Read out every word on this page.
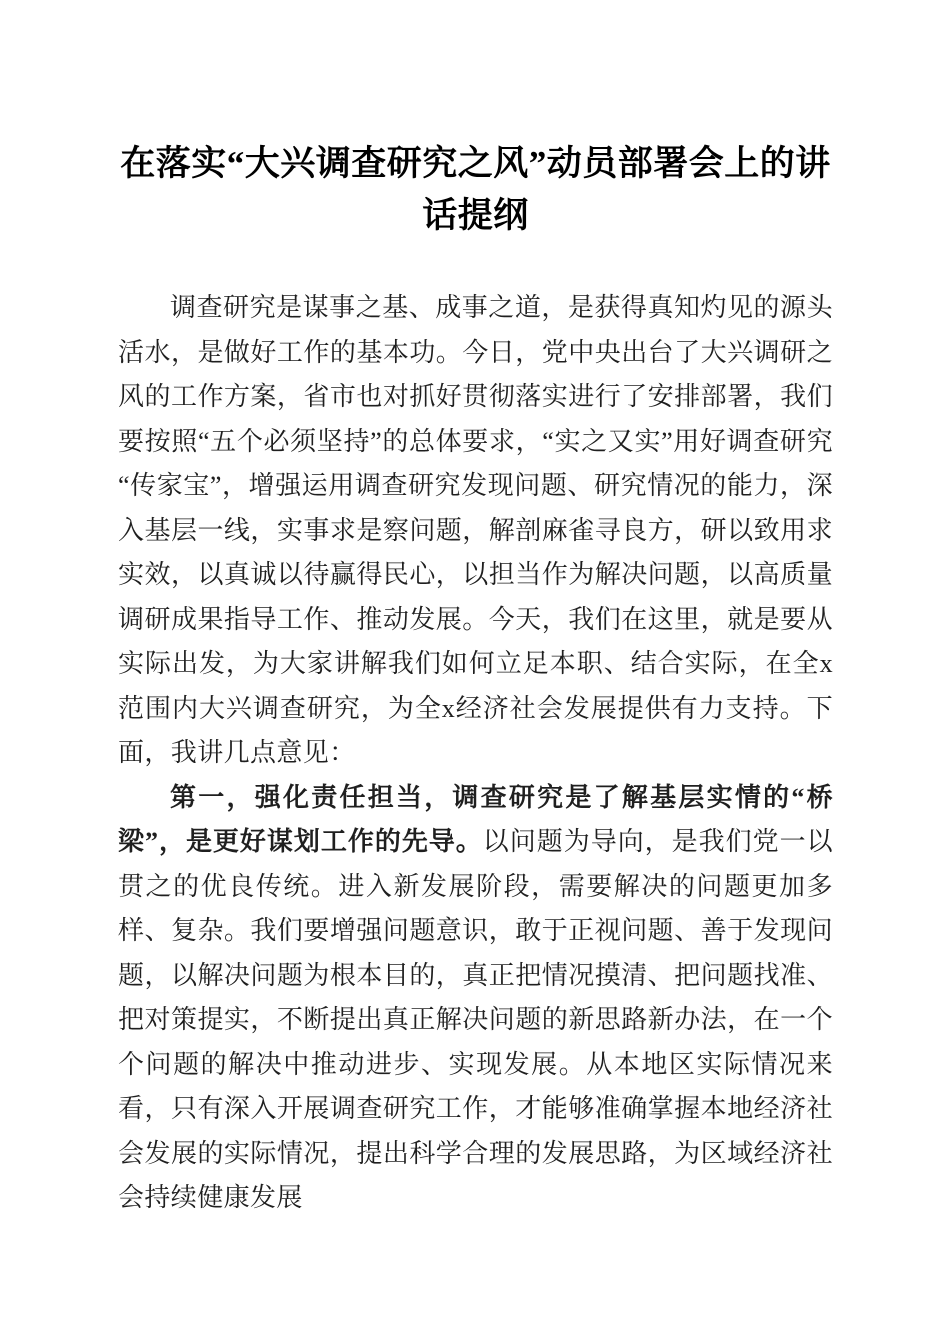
在落实“大兴调查研究之风”动员部署会上的讲话提纲

调查研究是谋事之基、成事之道，是获得真知灼见的源头活水，是做好工作的基本功。今日，党中央出台了大兴调研之风的工作方案，省市也对抓好贯彻落实进行了安排部署，我们要按照“五个必须坚持”的总体要求，“实之又实”用好调查研究“传家宝”，增强运用调查研究发现问题、研究情况的能力，深入基层一线，实事求是察问题，解剖麻雀寻良方，研以致用求实效，以真诚以待赢得民心，以担当作为解决问题，以高质量调研成果指导工作、推动发展。今天，我们在这里，就是要从实际出发，为大家讲解我们如何立足本职、结合实际，在全x范围内大兴调查研究，为全x经济社会发展提供有力支持。下面，我讲几点意见：

第一，强化责任担当，调查研究是了解基层实情的“桥梁”，是更好谋划工作的先导。以问题为导向，是我们党一以贯之的优良传统。进入新发展阶段，需要解决的问题更加多样、复杂。我们要增强问题意识，敢于正视问题、善于发现问题，以解决问题为根本目的，真正把情况摸清、把问题找准、把对策提实，不断提出真正解决问题的新思路新办法，在一个个问题的解决中推动进步、实现发展。从本地区实际情况来看，只有深入开展调查研究工作，才能够准确掌握本地经济社会发展的实际情况，提出科学合理的发展思路，为区域经济社会持续健康发展
